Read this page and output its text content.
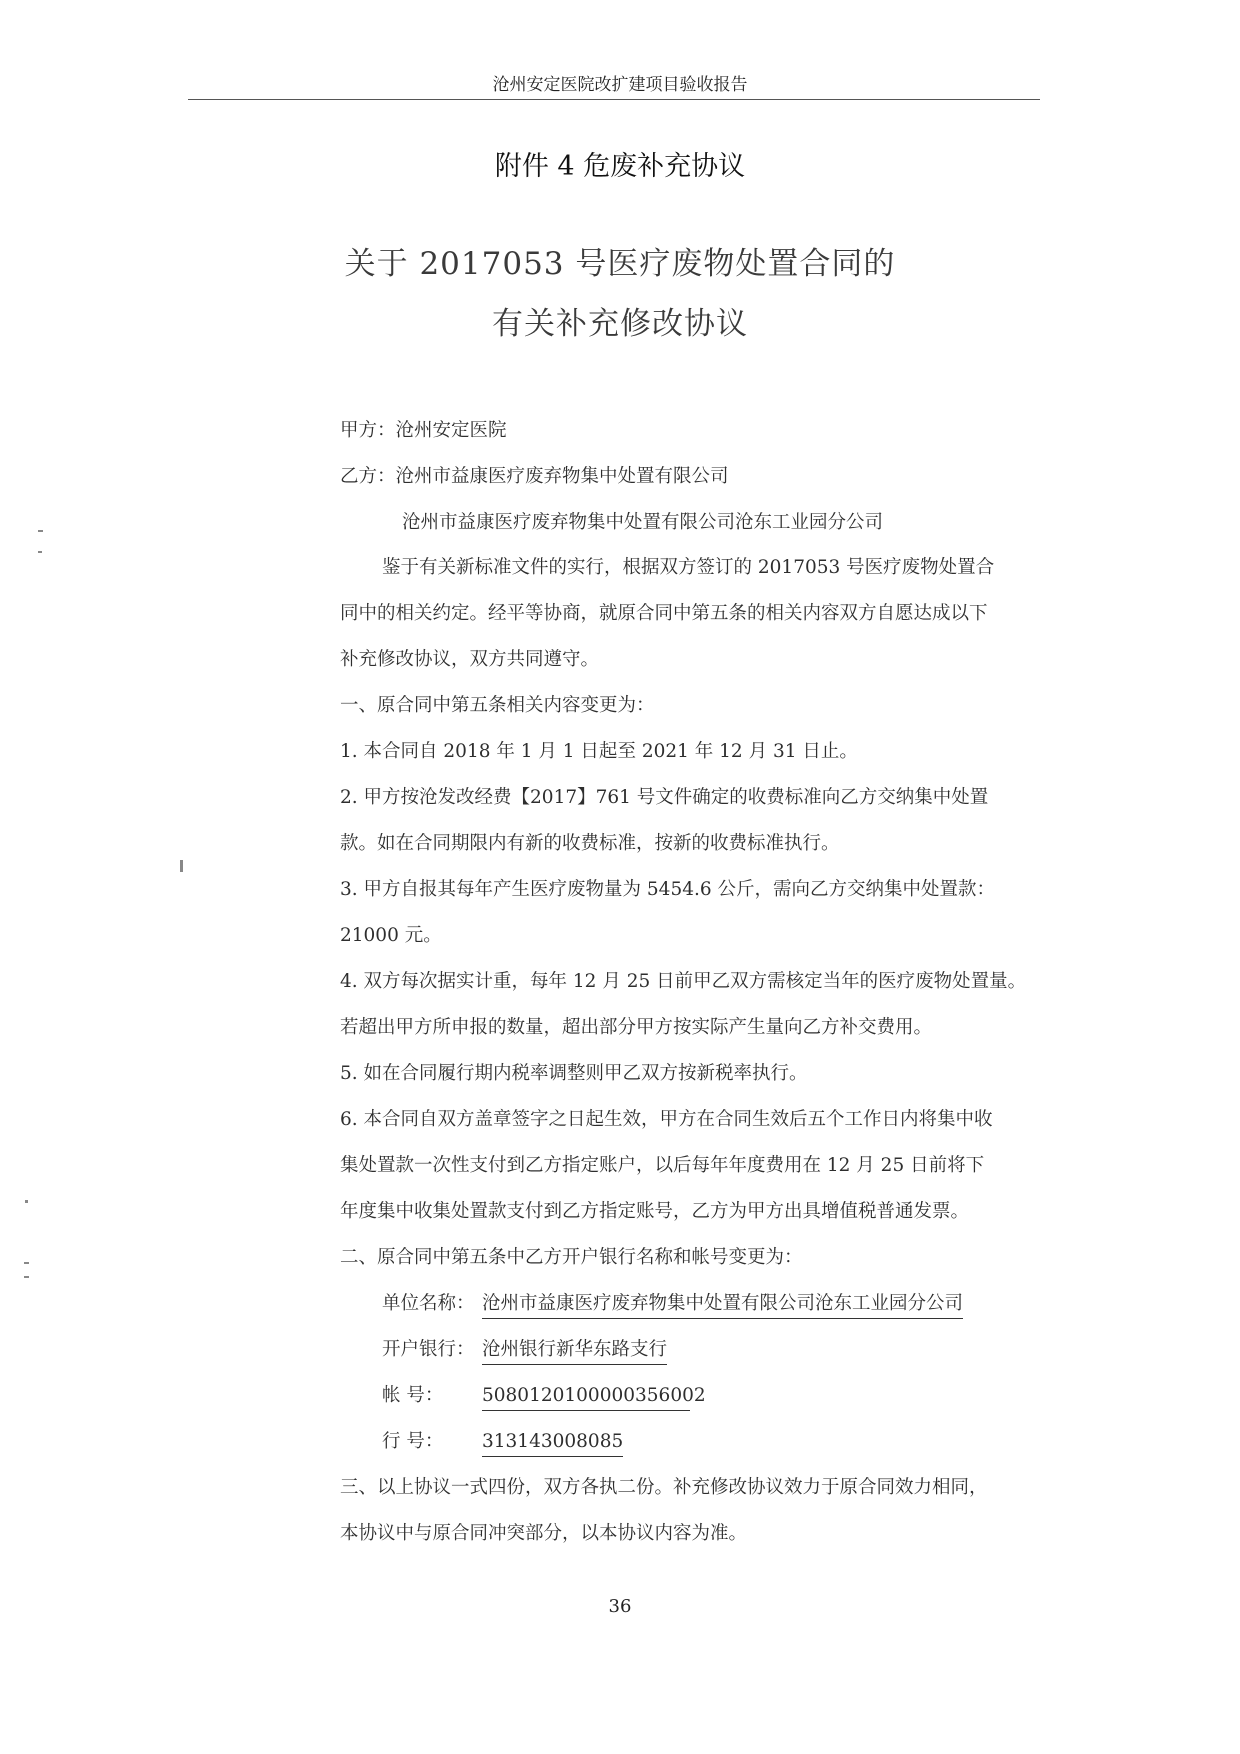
沧州安定医院改扩建项目验收报告
附件 4 危废补充协议
关于 2017053 号医疗废物处置合同的
有关补充修改协议
甲方：沧州安定医院
乙方：沧州市益康医疗废弃物集中处置有限公司
沧州市益康医疗废弃物集中处置有限公司沧东工业园分公司
鉴于有关新标准文件的实行，根据双方签订的 2017053 号医疗废物处置合
同中的相关约定。经平等协商，就原合同中第五条的相关内容双方自愿达成以下
补充修改协议，双方共同遵守。
一、原合同中第五条相关内容变更为：
1. 本合同自 2018 年 1 月 1 日起至 2021 年 12 月 31 日止。
2. 甲方按沧发改经费【2017】761 号文件确定的收费标准向乙方交纳集中处置
款。如在合同期限内有新的收费标准，按新的收费标准执行。
3. 甲方自报其每年产生医疗废物量为 5454.6 公斤，需向乙方交纳集中处置款：
21000 元。
4. 双方每次据实计重，每年 12 月 25 日前甲乙双方需核定当年的医疗废物处置量。
若超出甲方所申报的数量，超出部分甲方按实际产生量向乙方补交费用。
5. 如在合同履行期内税率调整则甲乙双方按新税率执行。
6. 本合同自双方盖章签字之日起生效，甲方在合同生效后五个工作日内将集中收
集处置款一次性支付到乙方指定账户，以后每年年度费用在 12 月 25 日前将下
年度集中收集处置款支付到乙方指定账号，乙方为甲方出具增值税普通发票。
二、原合同中第五条中乙方开户银行名称和帐号变更为：
单位名称： 沧州市益康医疗废弃物集中处置有限公司沧东工业园分公司
开户银行： 沧州银行新华东路支行
帐 号： 508012010000035600​2
行 号： 313143008085
三、以上协议一式四份，双方各执二份。补充修改协议效力于原合同效力相同，
本协议中与原合同冲突部分，以本协议内容为准。
36
